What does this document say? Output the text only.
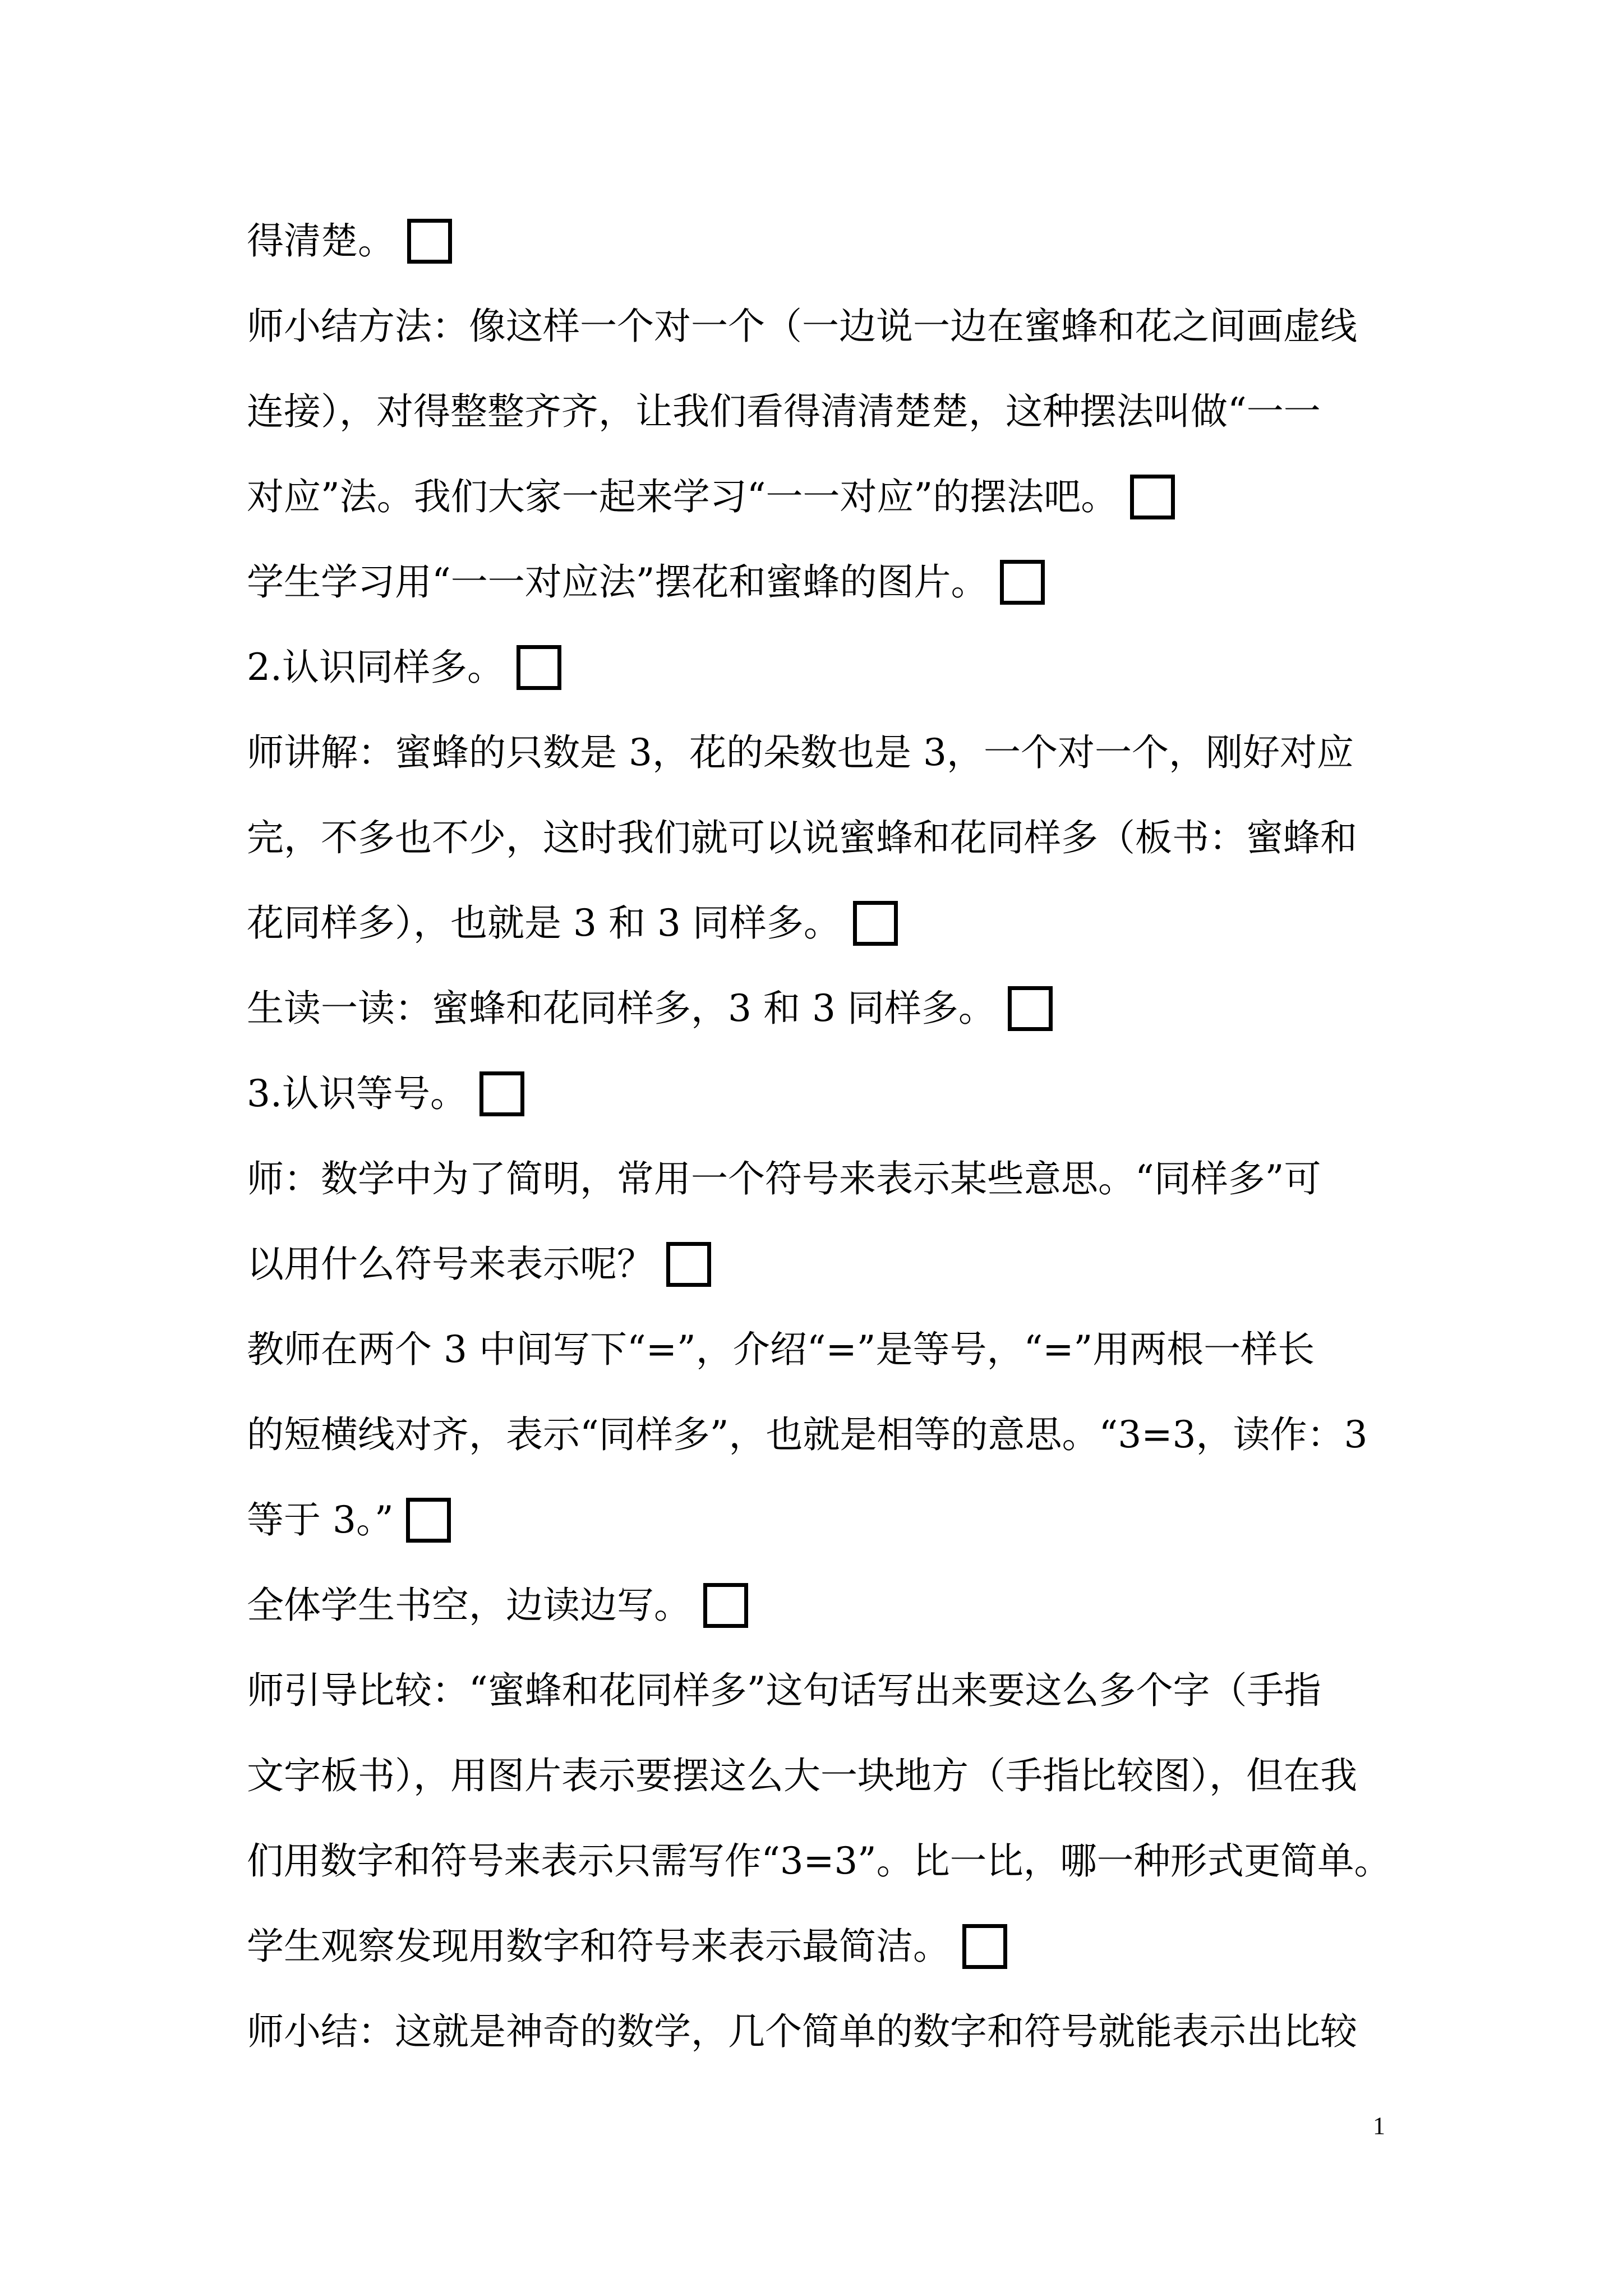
得清楚。
师小结方法：像这样一个对一个（一边说一边在蜜蜂和花之间画虚线
连接），对得整整齐齐，让我们看得清清楚楚，这种摆法叫做“一一
对应”法。我们大家一起来学习“一一对应”的摆法吧。
学生学习用“一一对应法”摆花和蜜蜂的图片。
2.认识同样多。
师讲解：蜜蜂的只数是 3，花的朵数也是 3，一个对一个，刚好对应
完，不多也不少，这时我们就可以说蜜蜂和花同样多（板书：蜜蜂和
花同样多），也就是 3 和 3 同样多。
生读一读：蜜蜂和花同样多，3 和 3 同样多。
3.认识等号。
师：数学中为了简明，常用一个符号来表示某些意思。“同样多”可
以用什么符号来表示呢？
教师在两个 3 中间写下“=”，介绍“=”是等号，“=”用两根一样长
的短横线对齐，表示“同样多”，也就是相等的意思。“3=3，读作：3
等于 3。”
全体学生书空，边读边写。
师引导比较：“蜜蜂和花同样多”这句话写出来要这么多个字（手指
文字板书），用图片表示要摆这么大一块地方（手指比较图），但在我
们用数字和符号来表示只需写作“3=3”。比一比，哪一种形式更简单。
学生观察发现用数字和符号来表示最简洁。
师小结：这就是神奇的数学，几个简单的数字和符号就能表示出比较
1
